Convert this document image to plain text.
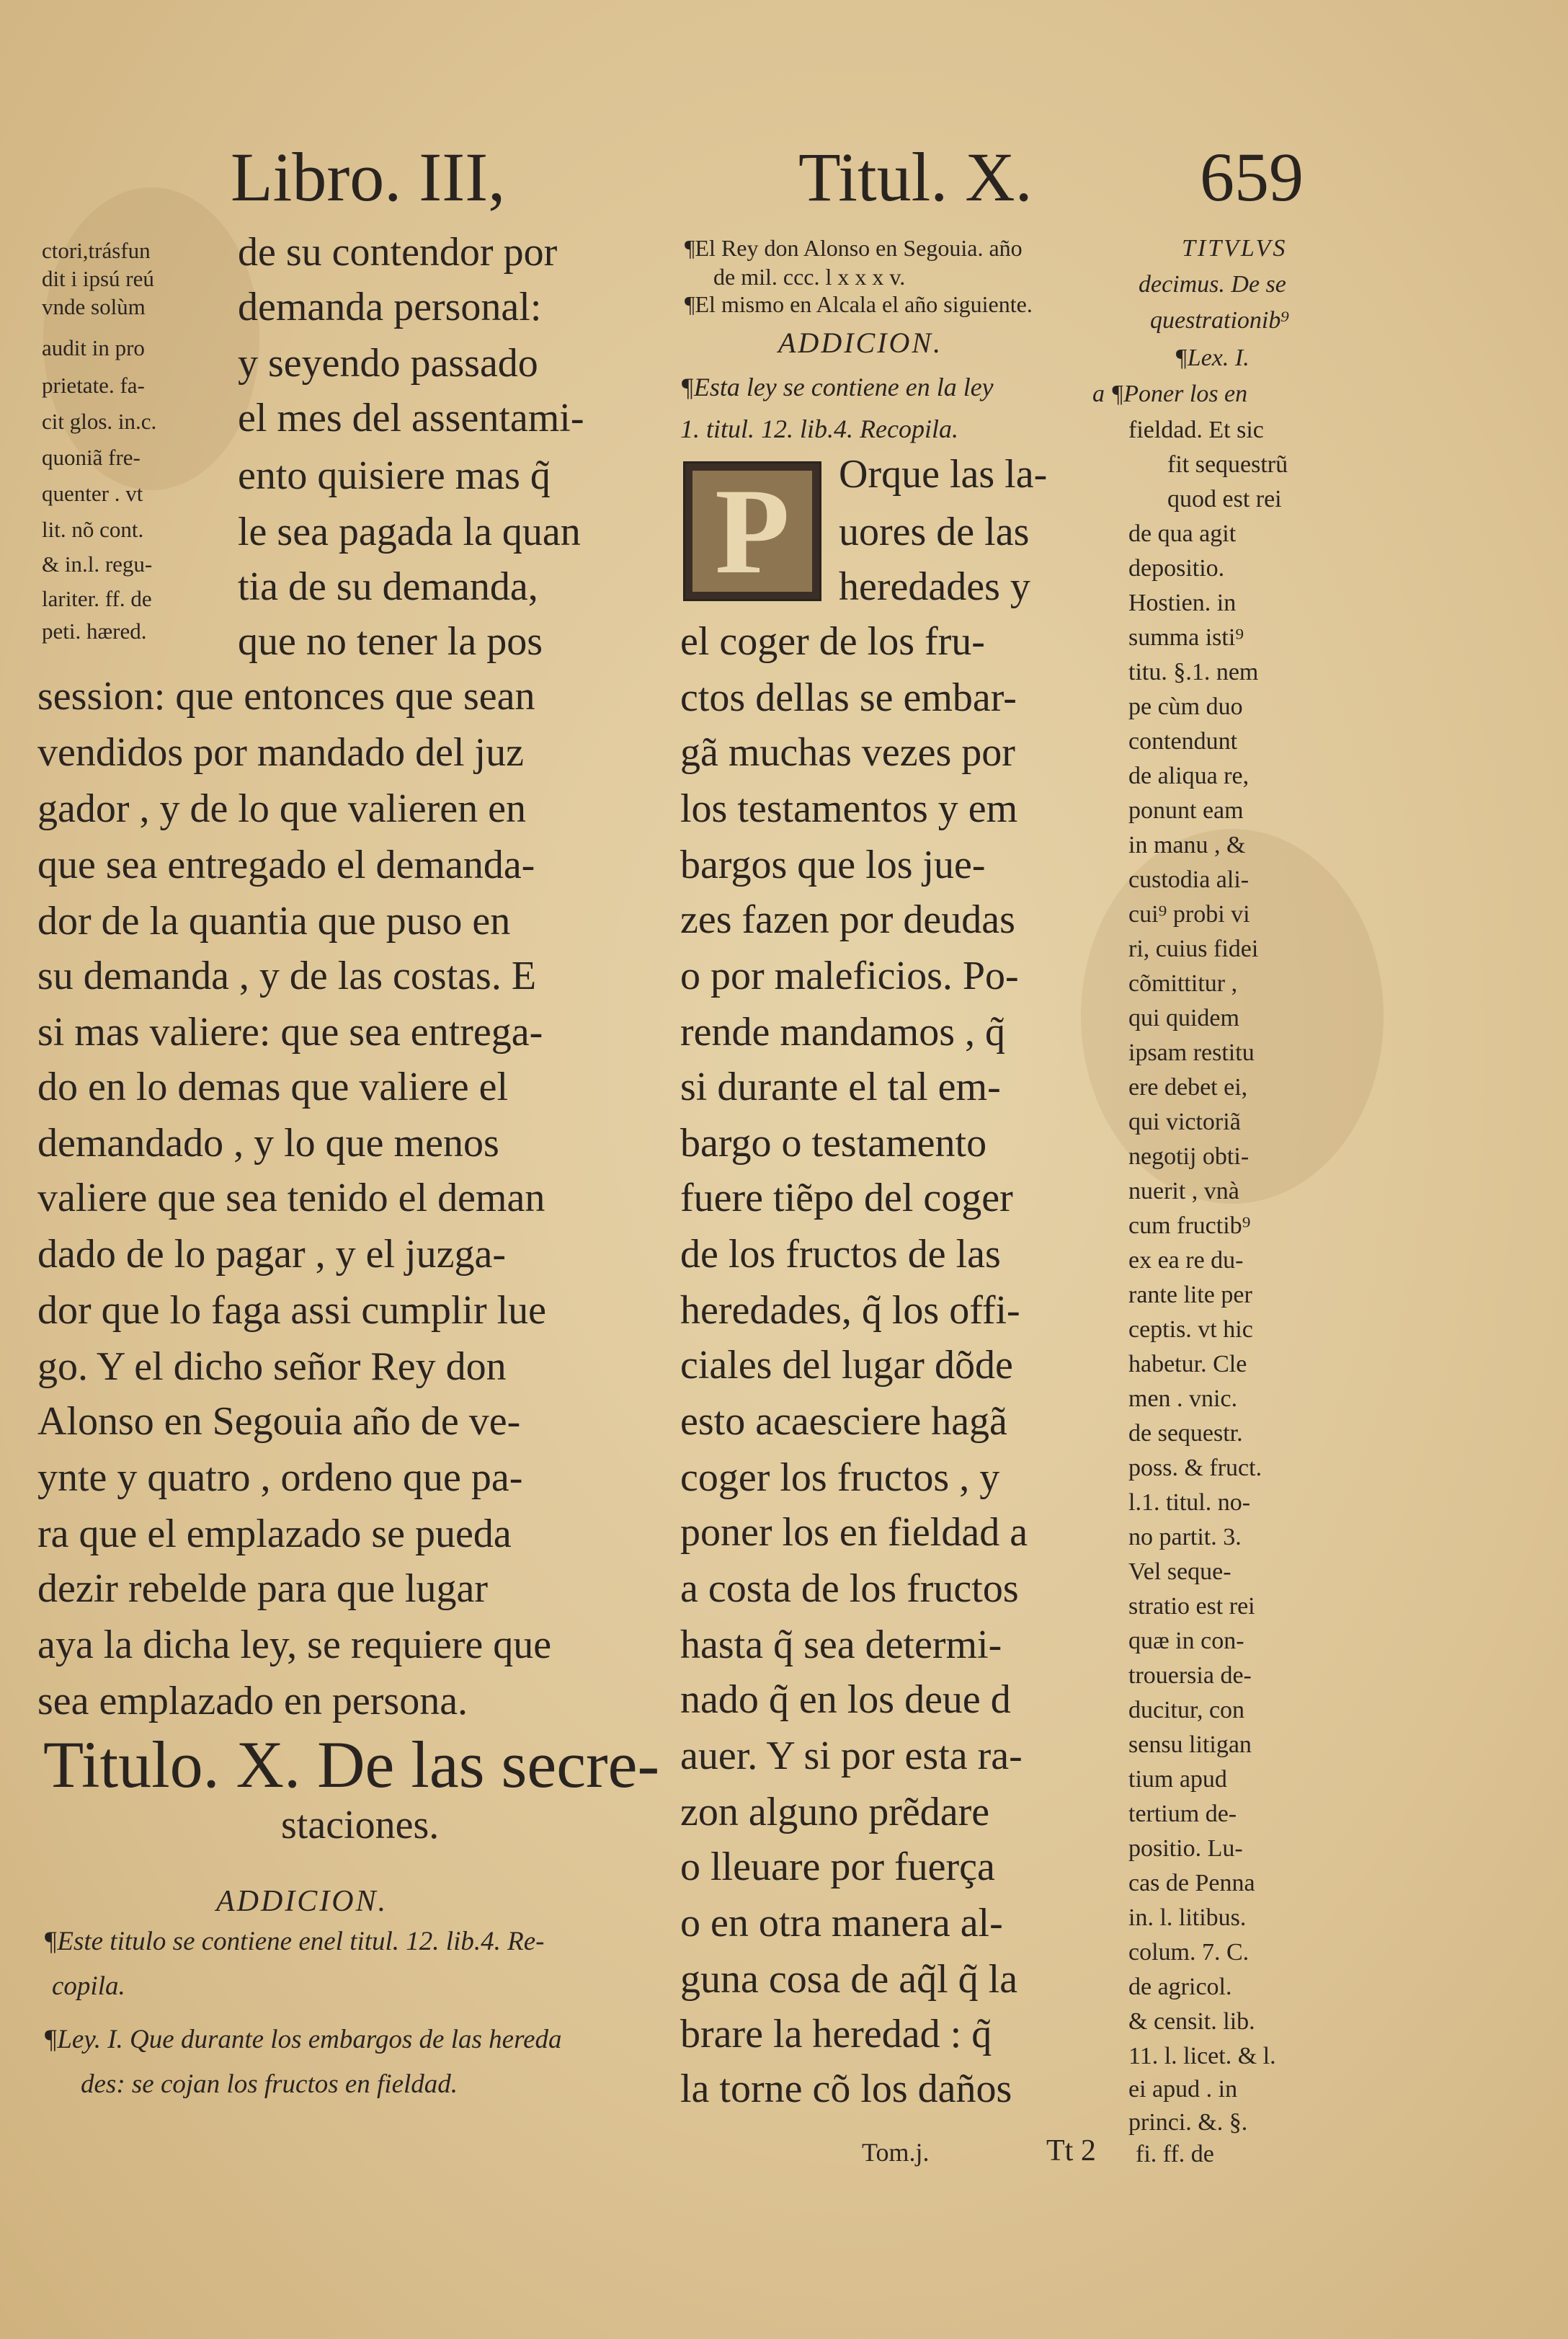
Libro. III,	Titul. X. 659
ctori,trásfun
dit i ipsú reú
vnde solùm
audit in pro
prietate. fa-
cit glos. in.c.
quoniã fre-
quenter . vt
lit. nõ cont.
& in.l. regu-
lariter. ff. de
peti. hæred.
de su contendor por
demanda personal:
y seyendo passado
el mes del assentami-
ento quisiere mas q̃
le sea pagada la quan
tia de su demanda,
que no tener la pos
session: que entonces que sean
vendidos por mandado del juz
gador , y de lo que valieren en
que sea entregado el demanda-
dor de la quantia que puso en
su demanda , y de las costas. E
si mas valiere: que sea entrega-
do en lo demas que valiere el
demandado , y lo que menos
valiere que sea tenido el deman
dado de lo pagar , y el juzga-
dor que lo faga assi cumplir lue
go. Y el dicho señor Rey don
Alonso en Segouia año de ve-
ynte y quatro , ordeno que pa-
ra que el emplazado se pueda
dezir rebelde para que lugar
aya la dicha ley, se requiere que
sea emplazado en persona.
Titulo. X. De las secre-
staciones.
ADDICION.
¶Este titulo se contiene enel titul. 12. lib.4. Re-
copila.
¶Ley. I. Que durante los embargos de las hereda
des: se cojan los fructos en fieldad.
¶El Rey don Alonso en Segouia. año
de mil. ccc. l x x x v.
¶El mismo en Alcala el año siguiente.
ADDICION.
¶Esta ley se contiene en la ley
1. titul. 12. lib.4. Recopila.
P	Orque las la-
uores de las
heredades y
el coger de los fru-
ctos dellas se embar-
gã muchas vezes por
los testamentos y em
bargos que los jue-
zes fazen por deudas
o por maleficios. Po-
rende mandamos , q̃
si durante el tal em-
bargo o testamento
fuere tiẽpo del coger
de los fructos de las
heredades, q̃ los offi-
ciales del lugar dõde
esto acaesciere hagã
coger los fructos , y
poner los en fieldad a
a costa de los fructos
hasta q̃ sea determi-
nado q̃ en los deue d
auer. Y si por esta ra-
zon alguno prẽdare
o lleuare por fuerça
o en otra manera al-
guna cosa de aq̃l q̃ la
brare la heredad : q̃
la torne cõ los daños
TITVLVS
decimus. De se
questrationib⁹
¶Lex. I.
a ¶Poner los en
fieldad. Et sic
fit sequestrũ
quod est rei
de qua agit
depositio.
Hostien. in
summa isti⁹
titu. §.1. nem
pe cùm duo
contendunt
de aliqua re,
ponunt eam
in manu , &
custodia ali-
cui⁹ probi vi
ri, cuius fidei
cõmittitur ,
qui quidem
ipsam restitu
ere debet ei,
qui victoriã
negotij obti-
nuerit , vnà
cum fructib⁹
ex ea re du-
rante lite per
ceptis. vt hic
habetur. Cle
men . vnic.
de sequestr.
poss. & fruct.
l.1. titul. no-
no partit. 3.
Vel seque-
stratio est rei
quæ in con-
trouersia de-
ducitur, con
sensu litigan
tium apud
tertium de-
positio. Lu-
cas de Penna
in. l. litibus.
colum. 7. C.
de agricol.
& censit. lib.
11. l. licet. & l.
ei apud . in
princi. &. §.
fi. ff. de
Tom.j.	Tt 2
